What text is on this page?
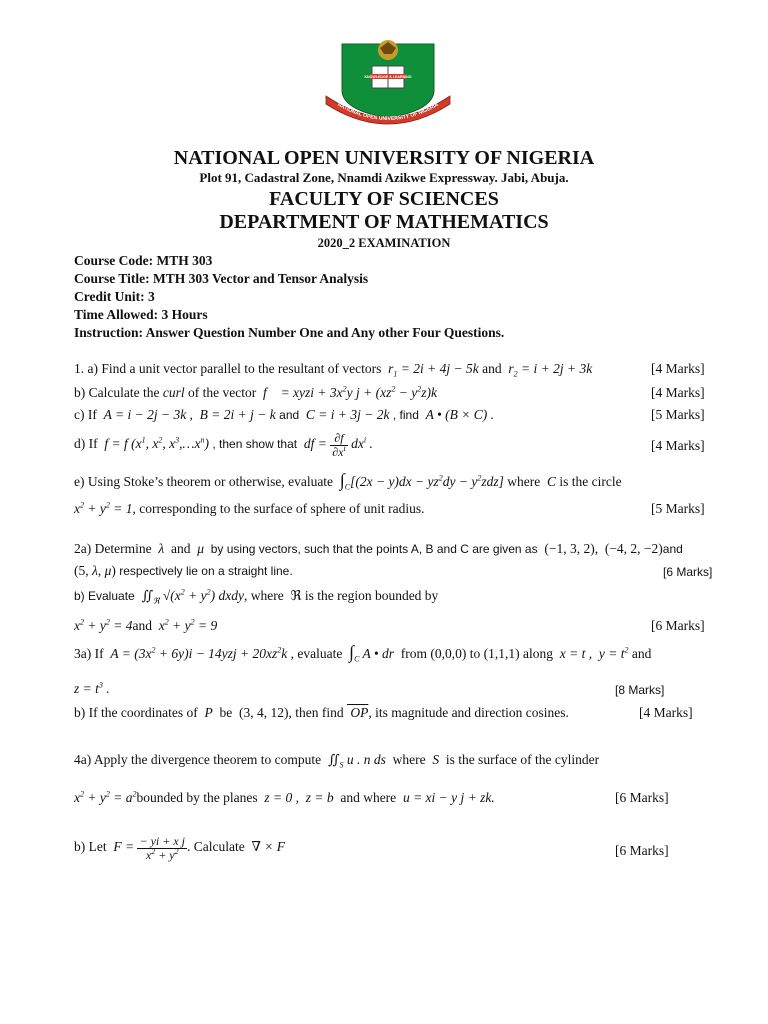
KNOWLEDGE & LEARNING
NATIONAL OPEN UNIVERSITY OF NIGERIA
NATIONAL OPEN UNIVERSITY OF NIGERIA
Plot 91, Cadastral Zone, Nnamdi Azikwe Expressway. Jabi, Abuja.
FACULTY OF SCIENCES
DEPARTMENT OF MATHEMATICS
2020_2 EXAMINATION
Course Code: MTH 303
Course Title: MTH 303 Vector and Tensor Analysis
Credit Unit: 3
Time Allowed: 3 Hours
Instruction: Answer Question Number One and Any other Four Questions.
1. a) Find a unit vector parallel to the resultant of vectors  $r_1 = 2i + 4j - 5k$ and  $r_2 = i + 2j + 3k$	[4 Marks]
b) Calculate the curl of the vector  f⃗ = xyzi + $3x^2y$ $j + (xz^2 - y^2z)k$	[4 Marks]
c) If  A = i − 2j − 3k ,  B = 2i + j − k and  C = i + 3j − 2k , find  A • (B × C) .	[5 Marks]
d) If  f = f ($x^1$, $x^2$, $x^3,\dots x^n$) , then show that  df = $\frac{\partial f}{\partial x^i} dx^i$ .	[4 Marks]
e) Using Stoke’s theorem or otherwise, evaluate $\int_C[(2x - y)dx - yz^2dy - y^2zdz]$ where  C is the circle
$x^2 + y^2 = 1$, corresponding to the surface of sphere of unit radius.	[5 Marks]
2a) Determine  λ  and  μ  by using vectors, such that the points A, B and C are given as  (−1, 3, 2),  (−4, 2, −2)and
(5, λ, μ) respectively lie on a straight line.	[6 Marks]
b) Evaluate  $∬_ℜ$ $√(x^2 + y^2)$ dxdy, where  ℜ is the region bounded by
$x^2 + y^2 = 4and$  $x^2 + y^2 = 9$	[6 Marks]
3a) If  $A = (3x^2 + 6y)i - 14yzj + 20xz^2k$ , evaluate $\int_C$ A • dr  from (0,0,0) to (1,1,1) along  x = t ,  $y = t^2$ and
$z = t^3$ .	[8 Marks]
b) If the coordinates of  P  be  (3, 4, 12), then find  OP, its magnitude and direction cosines.	[4 Marks]
4a) Apply the divergence theorem to compute  $∬_S$ u . n ds  where  S  is the surface of the cylinder
$x^2 + y^2$ = $a^2bounded$ by the planes  z = 0 ,  z = b  and where  u = xi − y j + zk.	[6 Marks]
b) Let  $F = \frac{\text{− yi + x j}}{x^2 + y^2}$ . Calculate  ∇ × F	[6 Marks]
